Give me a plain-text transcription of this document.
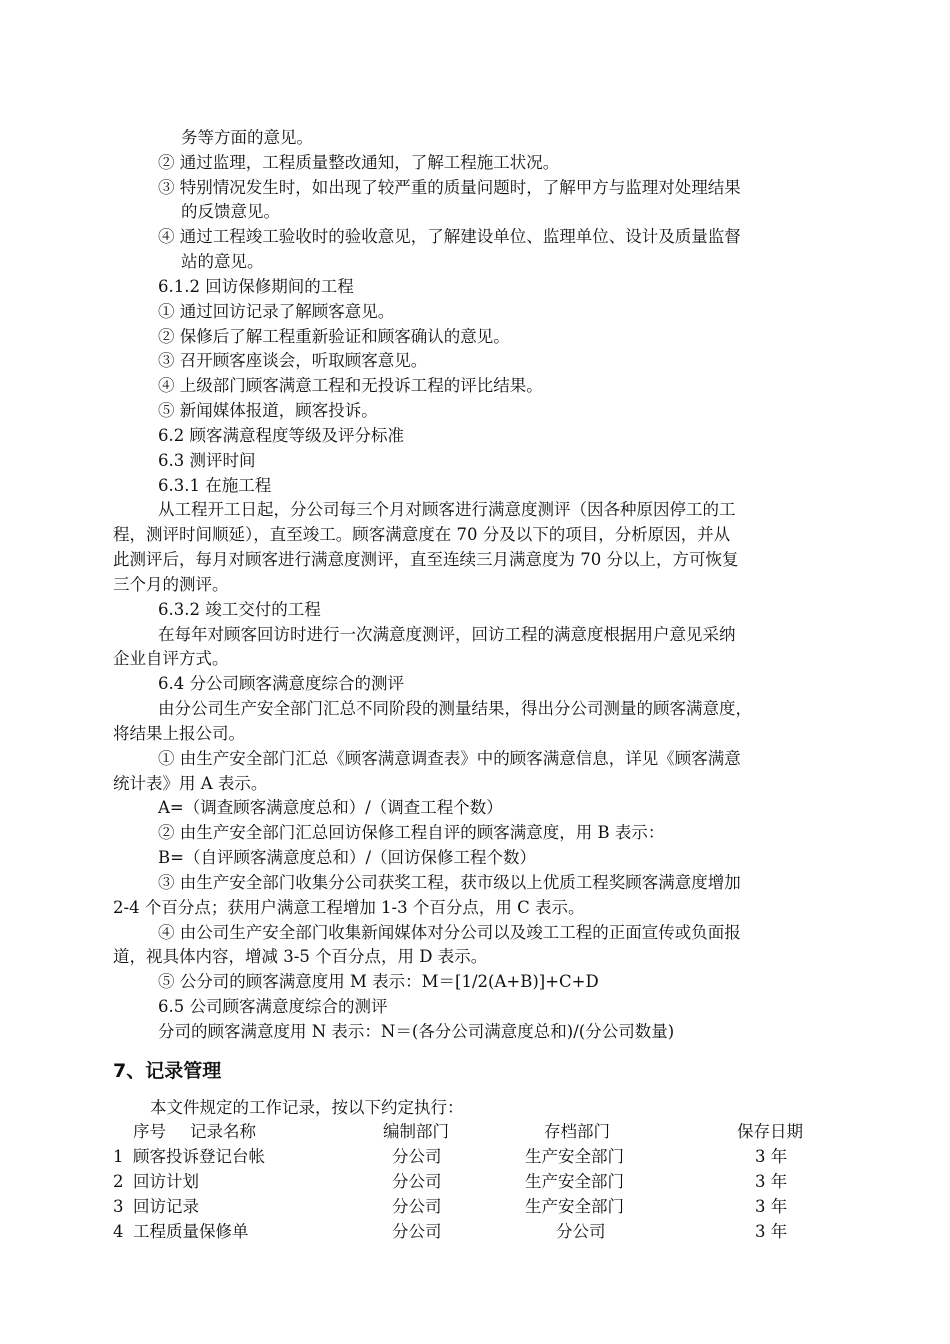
务等方面的意见。
② 通过监理，工程质量整改通知，了解工程施工状况。
③ 特别情况发生时，如出现了较严重的质量问题时，了解甲方与监理对处理结果
的反馈意见。
④ 通过工程竣工验收时的验收意见，了解建设单位、监理单位、设计及质量监督
站的意见。
6.1.2 回访保修期间的工程
① 通过回访记录了解顾客意见。
② 保修后了解工程重新验证和顾客确认的意见。
③ 召开顾客座谈会，听取顾客意见。
④ 上级部门顾客满意工程和无投诉工程的评比结果。
⑤ 新闻媒体报道，顾客投诉。
6.2 顾客满意程度等级及评分标准
6.3 测评时间
6.3.1 在施工程
从工程开工日起，分公司每三个月对顾客进行满意度测评（因各种原因停工的工
程，测评时间顺延），直至竣工。顾客满意度在 70 分及以下的项目，分析原因，并从
此测评后，每月对顾客进行满意度测评，直至连续三月满意度为 70 分以上，方可恢复
三个月的测评。
6.3.2 竣工交付的工程
在每年对顾客回访时进行一次满意度测评，回访工程的满意度根据用户意见采纳
企业自评方式。
6.4 分公司顾客满意度综合的测评
由分公司生产安全部门汇总不同阶段的测量结果，得出分公司测量的顾客满意度，
将结果上报公司。
① 由生产安全部门汇总《顾客满意调查表》中的顾客满意信息，详见《顾客满意
统计表》用 A 表示。
A=（调查顾客满意度总和）/（调查工程个数）
② 由生产安全部门汇总回访保修工程自评的顾客满意度，用 B 表示：
B=（自评顾客满意度总和）/（回访保修工程个数）
③ 由生产安全部门收集分公司获奖工程，获市级以上优质工程奖顾客满意度增加
2-4 个百分点；获用户满意工程增加 1-3 个百分点，用 C 表示。
④ 由公司生产安全部门收集新闻媒体对分公司以及竣工工程的正面宣传或负面报
道，视具体内容，增减 3-5 个百分点，用 D 表示。
⑤ 公分司的顾客满意度用 M 表示：M＝[1/2(A+B)]+C+D
6.5 公司顾客满意度综合的测评
分司的顾客满意度用 N 表示：N＝(各分公司满意度总和)/(分公司数量)
7、记录管理
本文件规定的工作记录，按以下约定执行：
序号 记录名称	编制部门	存档部门	保存日期
1 顾客投诉登记台帐	分公司	生产安全部门	3 年
2 回访计划	分公司	生产安全部门	3 年
3 回访记录	分公司	生产安全部门	3 年
4 工程质量保修单	分公司	分公司	3 年
